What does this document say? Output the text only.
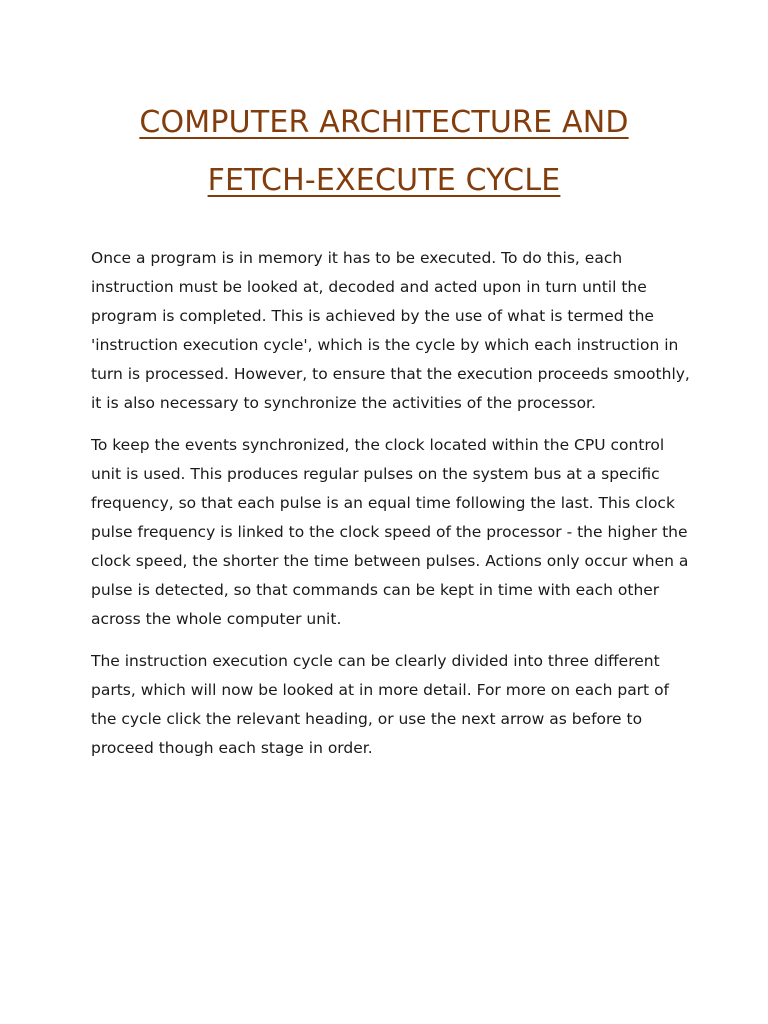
COMPUTER ARCHITECTURE AND
FETCH-EXECUTE CYCLE

Once a program is in memory it has to be executed. To do this, each instruction must be looked at, decoded and acted upon in turn until the program is completed. This is achieved by the use of what is termed the 'instruction execution cycle', which is the cycle by which each instruction in turn is processed. However, to ensure that the execution proceeds smoothly, it is also necessary to synchronize the activities of the processor.

To keep the events synchronized, the clock located within the CPU control unit is used. This produces regular pulses on the system bus at a specific frequency, so that each pulse is an equal time following the last. This clock pulse frequency is linked to the clock speed of the processor - the higher the clock speed, the shorter the time between pulses. Actions only occur when a pulse is detected, so that commands can be kept in time with each other across the whole computer unit.

The instruction execution cycle can be clearly divided into three different parts, which will now be looked at in more detail. For more on each part of the cycle click the relevant heading, or use the next arrow as before to proceed though each stage in order.
